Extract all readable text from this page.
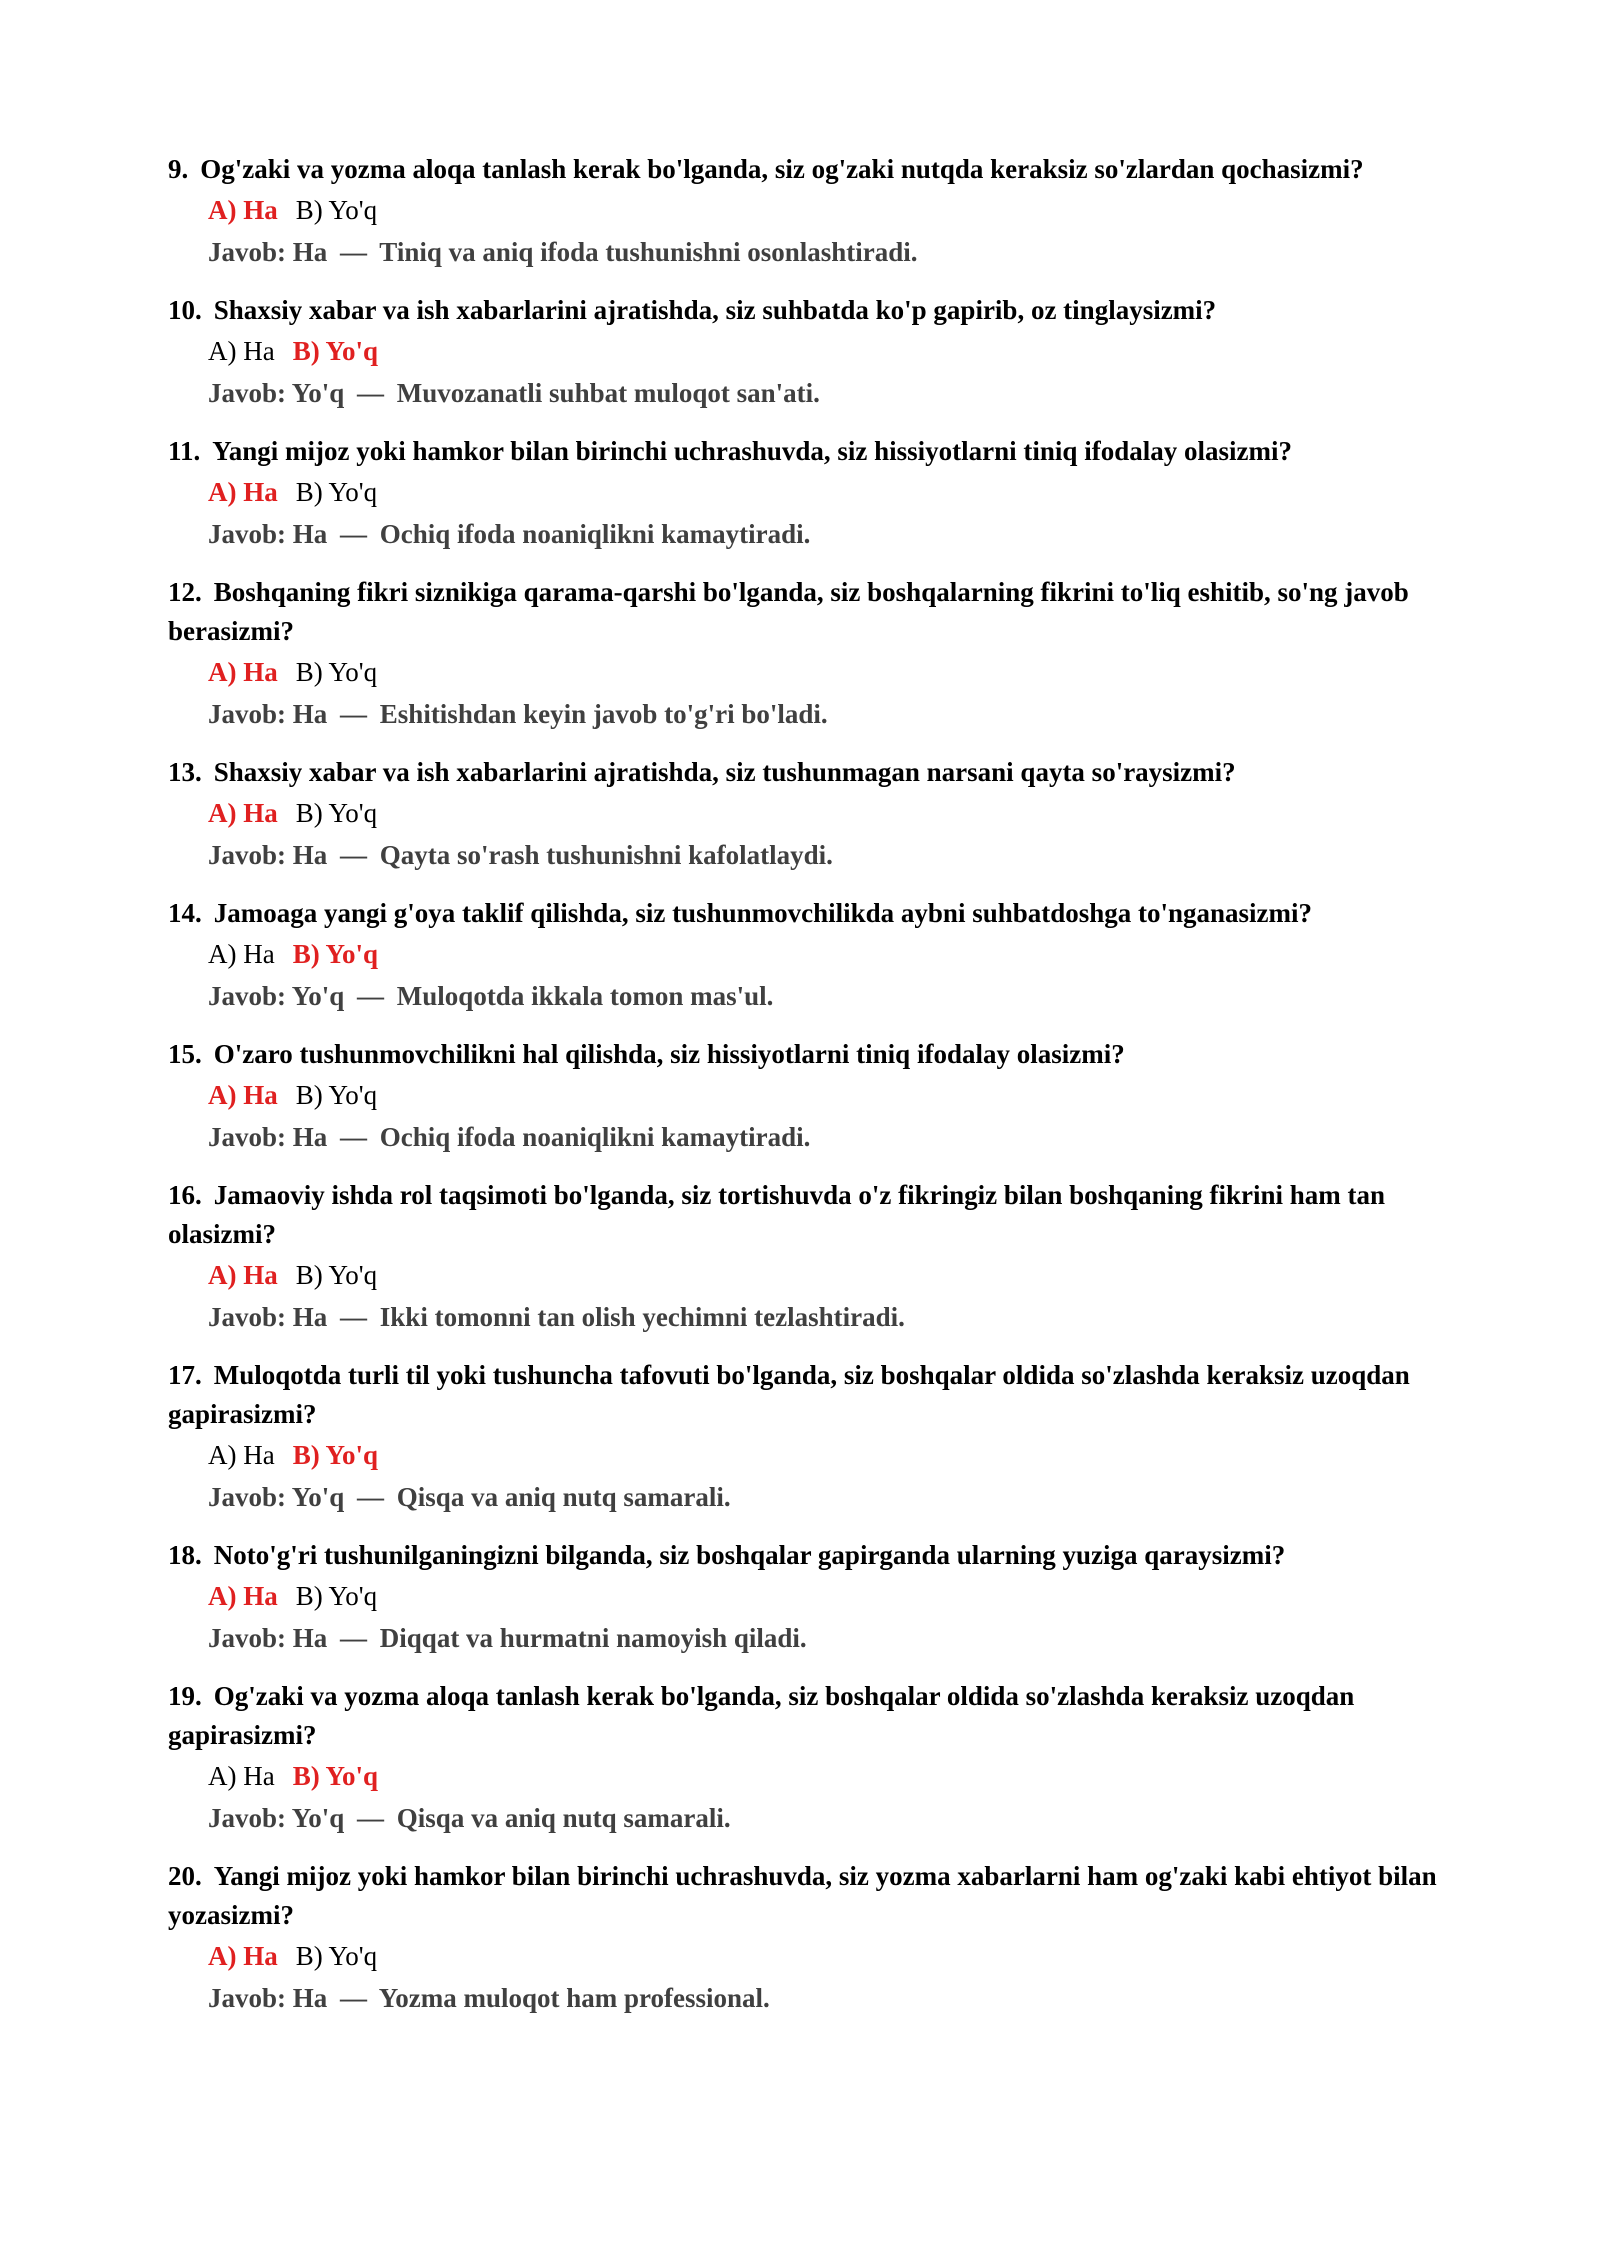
9. Og'zaki va yozma aloqa tanlash kerak bo'lganda, siz og'zaki nutqda keraksiz so'zlardan qochasizmi?

A) Ha B) Yo'q
Javob: Ha — Tiniq va aniq ifoda tushunishni osonlashtiradi.

10. Shaxsiy xabar va ish xabarlarini ajratishda, siz suhbatda ko'p gapirib, oz tinglaysizmi?

A) Ha B) Yo'q
Javob: Yo'q — Muvozanatli suhbat muloqot san'ati.

11. Yangi mijoz yoki hamkor bilan birinchi uchrashuvda, siz hissiyotlarni tiniq ifodalay olasizmi?

A) Ha B) Yo'q
Javob: Ha — Ochiq ifoda noaniqlikni kamaytiradi.

12. Boshqaning fikri siznikiga qarama-qarshi bo'lganda, siz boshqalarning fikrini to'liq eshitib, so'ng javob berasizmi?

A) Ha B) Yo'q
Javob: Ha — Eshitishdan keyin javob to'g'ri bo'ladi.

13. Shaxsiy xabar va ish xabarlarini ajratishda, siz tushunmagan narsani qayta so'raysizmi?

A) Ha B) Yo'q
Javob: Ha — Qayta so'rash tushunishni kafolatlaydi.

14. Jamoaga yangi g'oya taklif qilishda, siz tushunmovchilikda aybni suhbatdoshga to'nganasizmi?

A) Ha B) Yo'q
Javob: Yo'q — Muloqotda ikkala tomon mas'ul.

15. O'zaro tushunmovchilikni hal qilishda, siz hissiyotlarni tiniq ifodalay olasizmi?

A) Ha B) Yo'q
Javob: Ha — Ochiq ifoda noaniqlikni kamaytiradi.

16. Jamaoviy ishda rol taqsimoti bo'lganda, siz tortishuvda o'z fikringiz bilan boshqaning fikrini ham tan olasizmi?

A) Ha B) Yo'q
Javob: Ha — Ikki tomonni tan olish yechimni tezlashtiradi.

17. Muloqotda turli til yoki tushuncha tafovuti bo'lganda, siz boshqalar oldida so'zlashda keraksiz uzoqdan gapirasizmi?

A) Ha B) Yo'q
Javob: Yo'q — Qisqa va aniq nutq samarali.

18. Noto'g'ri tushunilganingizni bilganda, siz boshqalar gapirganda ularning yuziga qaraysizmi?

A) Ha B) Yo'q
Javob: Ha — Diqqat va hurmatni namoyish qiladi.

19. Og'zaki va yozma aloqa tanlash kerak bo'lganda, siz boshqalar oldida so'zlashda keraksiz uzoqdan gapirasizmi?

A) Ha B) Yo'q
Javob: Yo'q — Qisqa va aniq nutq samarali.

20. Yangi mijoz yoki hamkor bilan birinchi uchrashuvda, siz yozma xabarlarni ham og'zaki kabi ehtiyot bilan yozasizmi?

A) Ha B) Yo'q
Javob: Ha — Yozma muloqot ham professional.
